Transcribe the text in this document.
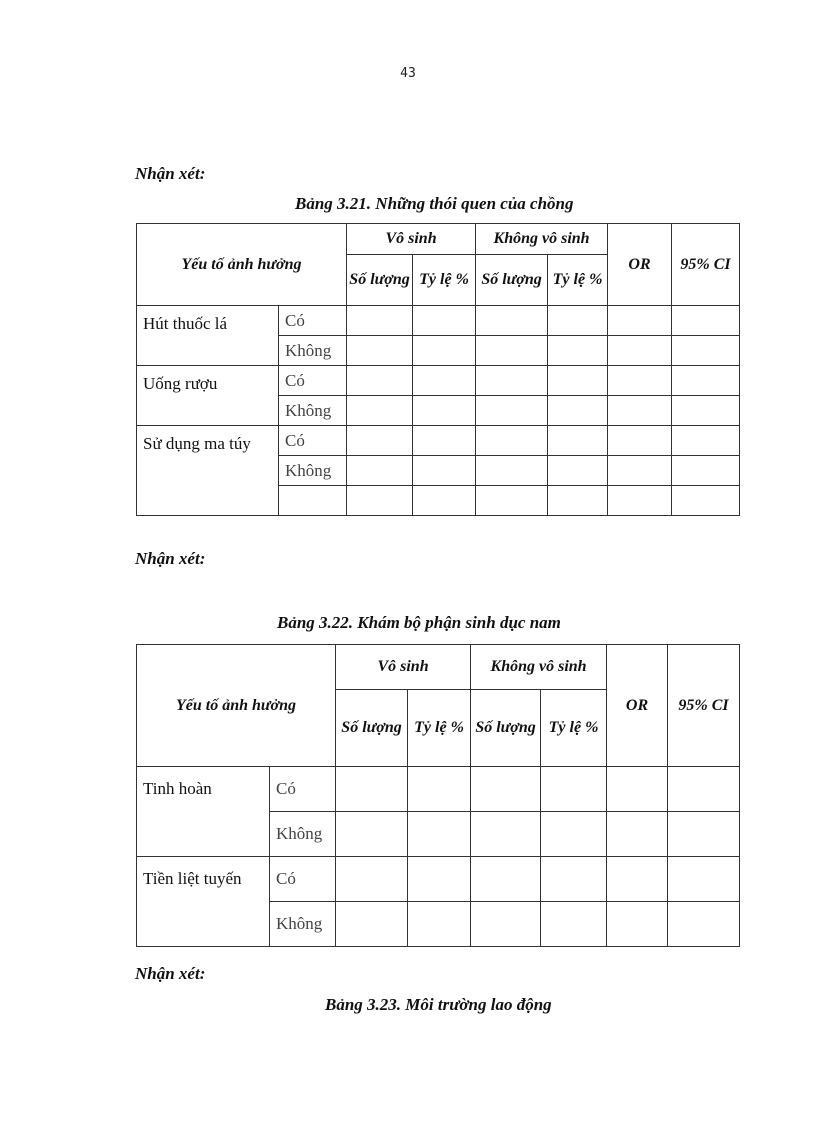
43
Nhận xét:
Bảng 3.21. Những thói quen của chồng
Yếu tố ảnh hưởng		Vô sinh		Không vô sinh		OR	95% CI
		Số lượng	Tỷ lệ %	Số lượng	Tỷ lệ %		
Hút thuốc lá	Có						
	Không						
Uống rượu	Có						
	Không						
Sử dụng ma túy	Có						
	Không						

Nhận xét:
Bảng 3.22. Khám bộ phận sinh dục nam
Yếu tố ảnh hưởng		Vô sinh		Không vô sinh		OR	95% CI
		Số lượng	Tỷ lệ %	Số lượng	Tỷ lệ %		
Tinh hoàn	Có						
	Không						
Tiền liệt tuyến	Có						
	Không						
Nhận xét:
Bảng 3.23. Môi trường lao động
